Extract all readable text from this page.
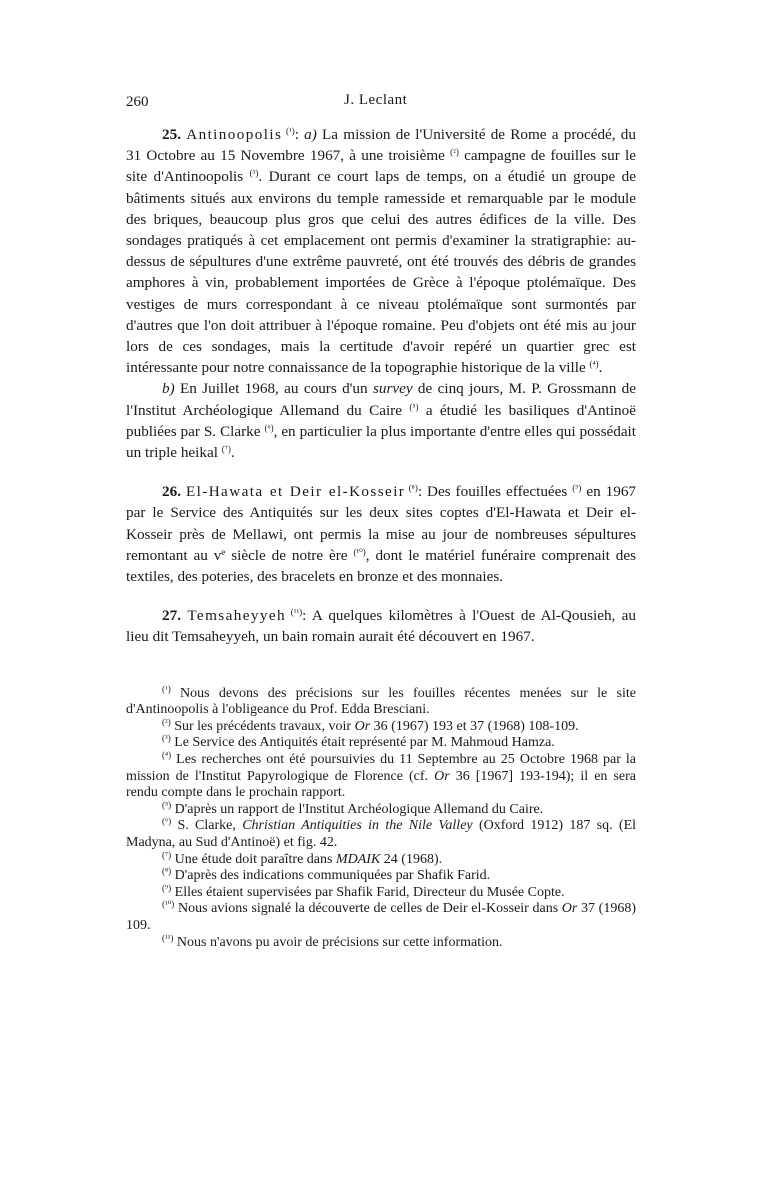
260	J. Leclant

25. Antinoopolis $^{(^1)}$: a) La mission de l'Université de Rome a procédé, du 31 Octobre au 15 Novembre 1967, à une troisième $^{(^2)}$ campagne de fouilles sur le site d'Antinoopolis $^{(^3)}$. Durant ce court laps de temps, on a étudié un groupe de bâtiments situés aux environs du temple ramesside et remarquable par le module des briques, beaucoup plus gros que celui des autres édifices de la ville. Des sondages pratiqués à cet emplacement ont permis d'examiner la stratigraphie: au-dessus de sépultures d'une extrême pauvreté, ont été trouvés des débris de grandes amphores à vin, probablement importées de Grèce à l'époque ptolémaïque. Des vestiges de murs correspondant à ce niveau ptolémaïque sont surmontés par d'autres que l'on doit attribuer à l'époque romaine. Peu d'objets ont été mis au jour lors de ces sondages, mais la certitude d'avoir repéré un quartier grec est intéressante pour notre connaissance de la topographie historique de la ville $^{(^4)}$.

b) En Juillet 1968, au cours d'un survey de cinq jours, M. P. Grossmann de l'Institut Archéologique Allemand du Caire $^{(^5)}$ a étudié les basiliques d'Antinoë publiées par S. Clarke $^{(^6)}$, en particulier la plus importante d'entre elles qui possédait un triple heikal $^{(^7)}$.

26. El-Hawata et Deir el-Kosseir $^{(^8)}$: Des fouilles effectuées $^{(^9)}$ en 1967 par le Service des Antiquités sur les deux sites coptes d'El-Hawata et Deir el-Kosseir près de Mellawi, ont permis la mise au jour de nombreuses sépultures remontant au $v^e$ siècle de notre ère $^{(^{10})}$, dont le matériel funéraire comprenait des textiles, des poteries, des bracelets en bronze et des monnaies.

27. Temsaheyyeh $^{(^{11})}$: A quelques kilomètres à l'Ouest de Al-Qousieh, au lieu dit Temsaheyyeh, un bain romain aurait été découvert en 1967.

$^{(^1)}$ Nous devons des précisions sur les fouilles récentes menées sur le site d'Antinoopolis à l'obligeance du Prof. Edda Bresciani.

$^{(^2)}$ Sur les précédents travaux, voir Or 36 (1967) 193 et 37 (1968) 108-109.

$^{(^3)}$ Le Service des Antiquités était représenté par M. Mahmoud Hamza.

$^{(^4)}$ Les recherches ont été poursuivies du 11 Septembre au 25 Octobre 1968 par la mission de l'Institut Papyrologique de Florence (cf. Or 36 [1967] 193-194); il en sera rendu compte dans le prochain rapport.

$^{(^5)}$ D'après un rapport de l'Institut Archéologique Allemand du Caire.

$^{(^6)}$ S. Clarke, Christian Antiquities in the Nile Valley (Oxford 1912) 187 sq. (El Madyna, au Sud d'Antinoë) et fig. 42.

$^{(^7)}$ Une étude doit paraître dans MDAIK 24 (1968).

$^{(^8)}$ D'après des indications communiquées par Shafik Farid.

$^{(^9)}$ Elles étaient supervisées par Shafik Farid, Directeur du Musée Copte.

$^{(^{10})}$ Nous avions signalé la découverte de celles de Deir el-Kosseir dans Or 37 (1968) 109.

$^{(^{11})}$ Nous n'avons pu avoir de précisions sur cette information.
